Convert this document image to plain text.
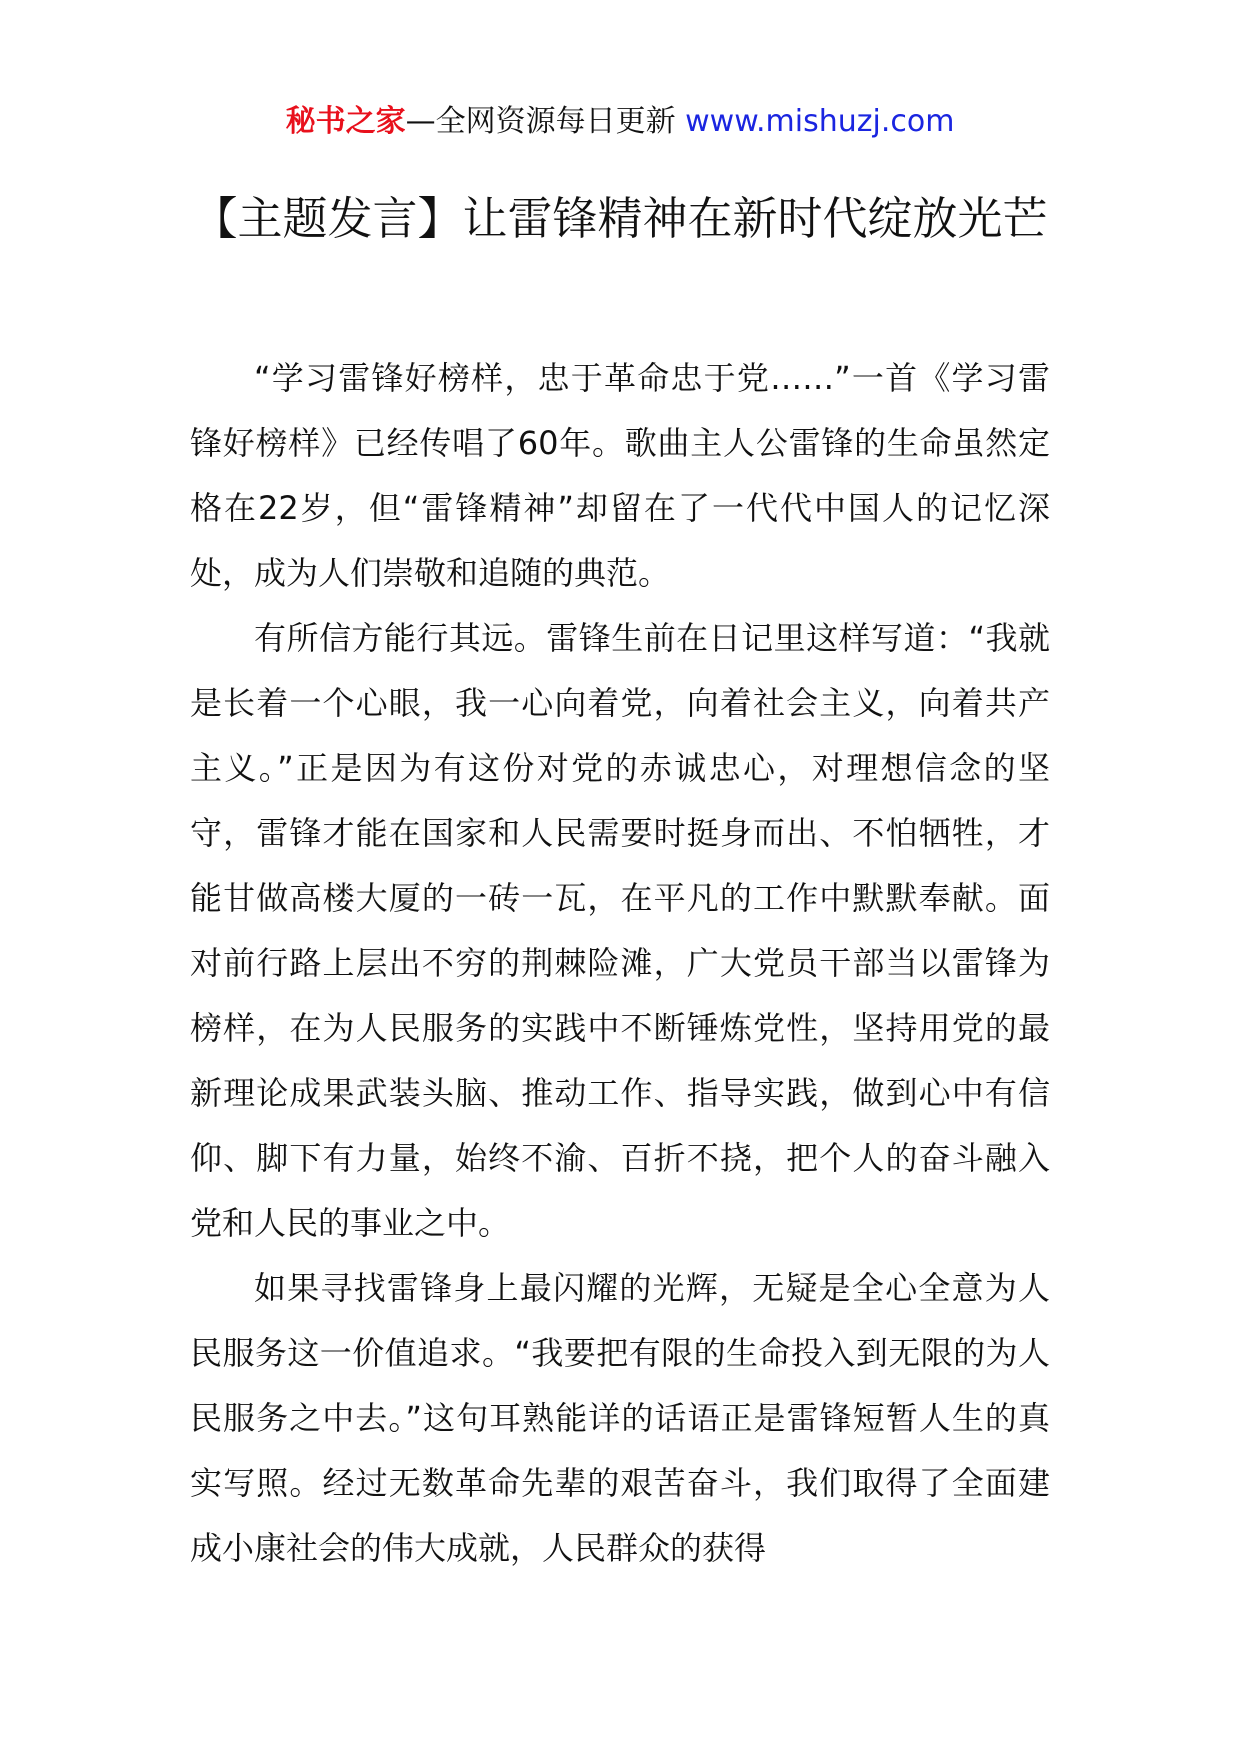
秘书之家—全网资源每日更新 www.mishuzj.com
【主题发言】让雷锋精神在新时代绽放光芒

“学习雷锋好榜样，忠于革命忠于党……”一首《学习雷锋好榜样》已经传唱了60年。歌曲主人公雷锋的生命虽然定格在22岁，但“雷锋精神”却留在了一代代中国人的记忆深处，成为人们崇敬和追随的典范。

有所信方能行其远。雷锋生前在日记里这样写道：“我就是长着一个心眼，我一心向着党，向着社会主义，向着共产主义。”正是因为有这份对党的赤诚忠心，对理想信念的坚守，雷锋才能在国家和人民需要时挺身而出、不怕牺牲，才能甘做高楼大厦的一砖一瓦，在平凡的工作中默默奉献。面对前行路上层出不穷的荆棘险滩，广大党员干部当以雷锋为榜样，在为人民服务的实践中不断锤炼党性，坚持用党的最新理论成果武装头脑、推动工作、指导实践，做到心中有信仰、脚下有力量，始终不渝、百折不挠，把个人的奋斗融入党和人民的事业之中。

如果寻找雷锋身上最闪耀的光辉，无疑是全心全意为人民服务这一价值追求。“我要把有限的生命投入到无限的为人民服务之中去。”这句耳熟能详的话语正是雷锋短暂人生的真实写照。经过无数革命先辈的艰苦奋斗，我们取得了全面建成小康社会的伟大成就，人民群众的获得
